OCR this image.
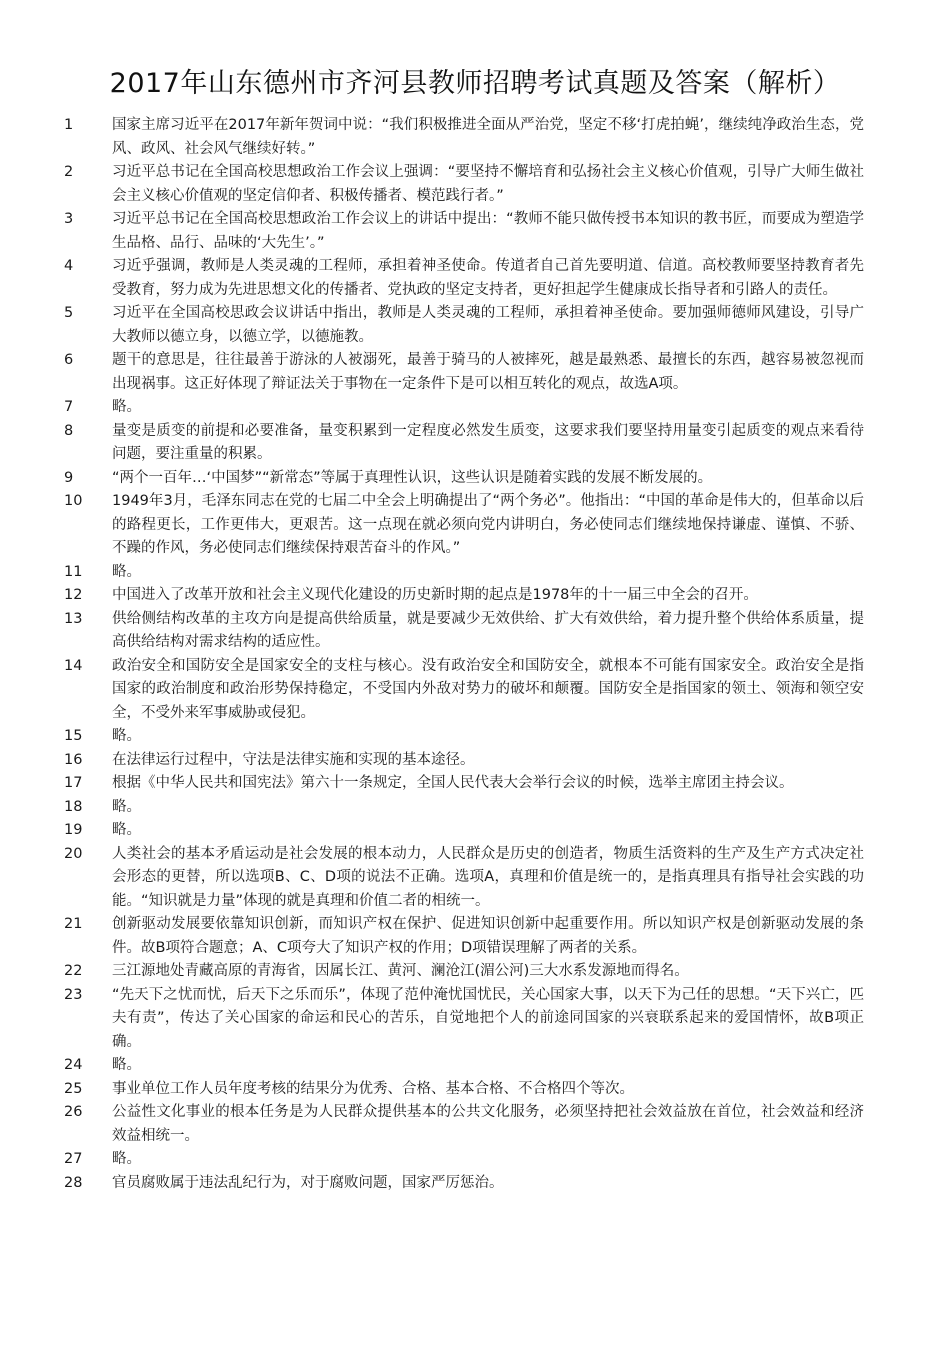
2017年山东德州市齐河县教师招聘考试真题及答案（解析）
1	国家主席习近平在2017年新年贺词中说：“我们积极推进全面从严治党，坚定不移‘打虎拍蝇’，继续纯净政治生态，党风、政风、社会风气继续好转。”
2	习近平总书记在全国高校思想政治工作会议上强调：“要坚持不懈培育和弘扬社会主义核心价值观，引导广大师生做社会主义核心价值观的坚定信仰者、积极传播者、模范践行者。”
3	习近平总书记在全国高校思想政治工作会议上的讲话中提出：“教师不能只做传授书本知识的教书匠，而要成为塑造学生品格、品行、品味的‘大先生’。”
4	习近乎强调，教师是人类灵魂的工程师，承担着神圣使命。传道者自己首先要明道、信道。高校教师要坚持教育者先受教育，努力成为先进思想文化的传播者、党执政的坚定支持者，更好担起学生健康成长指导者和引路人的责任。
5	习近平在全国高校思政会议讲话中指出，教师是人类灵魂的工程师，承担着神圣使命。要加强师德师风建设，引导广大教师以德立身，以德立学，以德施教。
6	题干的意思是，往往最善于游泳的人被溺死，最善于骑马的人被摔死，越是最熟悉、最擅长的东西，越容易被忽视而出现祸事。这正好体现了辩证法关于事物在一定条件下是可以相互转化的观点，故选A项。
7	略。
8	量变是质变的前提和必要准备，量变积累到一定程度必然发生质变，这要求我们要坚持用量变引起质变的观点来看待问题，要注重量的积累。
9	“两个一百年…‘中国梦”“新常态”等属于真理性认识，这些认识是随着实践的发展不断发展的。
10	1949年3月，毛泽东同志在党的七届二中全会上明确提出了“两个务必”。他指出：“中国的革命是伟大的，但革命以后的路程更长，工作更伟大，更艰苦。这一点现在就必须向党内讲明白，务必使同志们继续地保持谦虚、谨慎、不骄、不躁的作风，务必使同志们继续保持艰苦奋斗的作风。”
11	略。
12	中国进入了改革开放和社会主义现代化建设的历史新时期的起点是1978年的十一届三中全会的召开。
13	供给侧结构改革的主攻方向是提高供给质量，就是要减少无效供给、扩大有效供给，着力提升整个供给体系质量，提高供给结构对需求结构的适应性。
14	政治安全和国防安全是国家安全的支柱与核心。没有政治安全和国防安全，就根本不可能有国家安全。政治安全是指国家的政治制度和政治形势保持稳定，不受国内外敌对势力的破坏和颠覆。国防安全是指国家的领土、领海和领空安全，不受外来军事威胁或侵犯。
15	略。
16	在法律运行过程中，守法是法律实施和实现的基本途径。
17	根据《中华人民共和国宪法》第六十一条规定，全国人民代表大会举行会议的时候，选举主席团主持会议。
18	略。
19	略。
20	人类社会的基本矛盾运动是社会发展的根本动力，人民群众是历史的创造者，物质生活资料的生产及生产方式决定社会形态的更替，所以选项B、C、D项的说法不正确。选项A，真理和价值是统一的，是指真理具有指导社会实践的功能。“知识就是力量”体现的就是真理和价值二者的相统一。
21	创新驱动发展要依靠知识创新，而知识产权在保护、促进知识创新中起重要作用。所以知识产权是创新驱动发展的条件。故B项符合题意；A、C项夸大了知识产权的作用；D项错误理解了两者的关系。
22	三江源地处青藏高原的青海省，因属长江、黄河、澜沧江(湄公河)三大水系发源地而得名。
23	“先天下之忧而忧，后天下之乐而乐”，体现了范仲淹忧国忧民，关心国家大事，以天下为己任的思想。“天下兴亡，匹夫有责”，传达了关心国家的命运和民心的苦乐，自觉地把个人的前途同国家的兴衰联系起来的爱国情怀，故B项正确。
24	略。
25	事业单位工作人员年度考核的结果分为优秀、合格、基本合格、不合格四个等次。
26	公益性文化事业的根本任务是为人民群众提供基本的公共文化服务，必须坚持把社会效益放在首位，社会效益和经济效益相统一。
27	略。
28	官员腐败属于违法乱纪行为，对于腐败问题，国家严厉惩治。
